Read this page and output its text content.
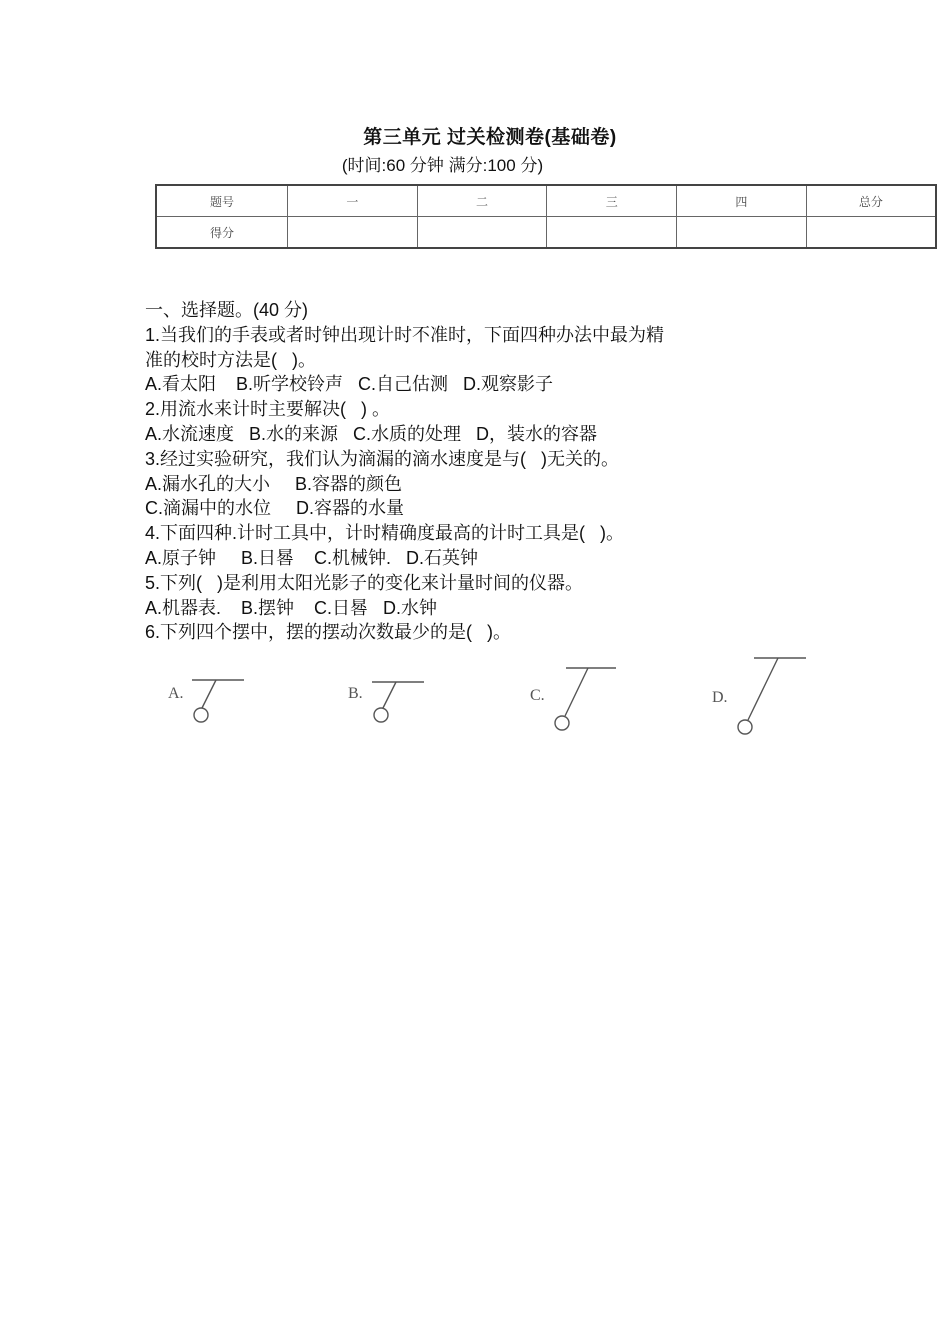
第三单元 过关检测卷(基础卷)
(时间:60 分钟 满分:100 分)
题号	一	二	三	四	总分
得分					
一、选择题。(40 分)
1.当我们的手表或者时钟出现计时不准时，下面四种办法中最为精
准的校时方法是(   )。
A.看太阳    B.听学校铃声   C.自己估测   D.观察影子
2.用流水来计时主要解决(   ) 。
A.水流速度   B.水的来源   C.水质的处理   D，装水的容器
3.经过实验研究，我们认为滴漏的滴水速度是与(   )无关的。
A.漏水孔的大小     B.容器的颜色
C.滴漏中的水位     D.容器的水量
4.下面四种.计时工具中，计时精确度最高的计时工具是(   )。
A.原子钟     B.日晷    C.机械钟.   D.石英钟
5.下列(   )是利用太阳光影子的变化来计量时间的仪器。
A.机器表.    B.摆钟    C.日晷   D.水钟
6.下列四个摆中，摆的摆动次数最少的是(   )。
A.	B.	C.	D.
